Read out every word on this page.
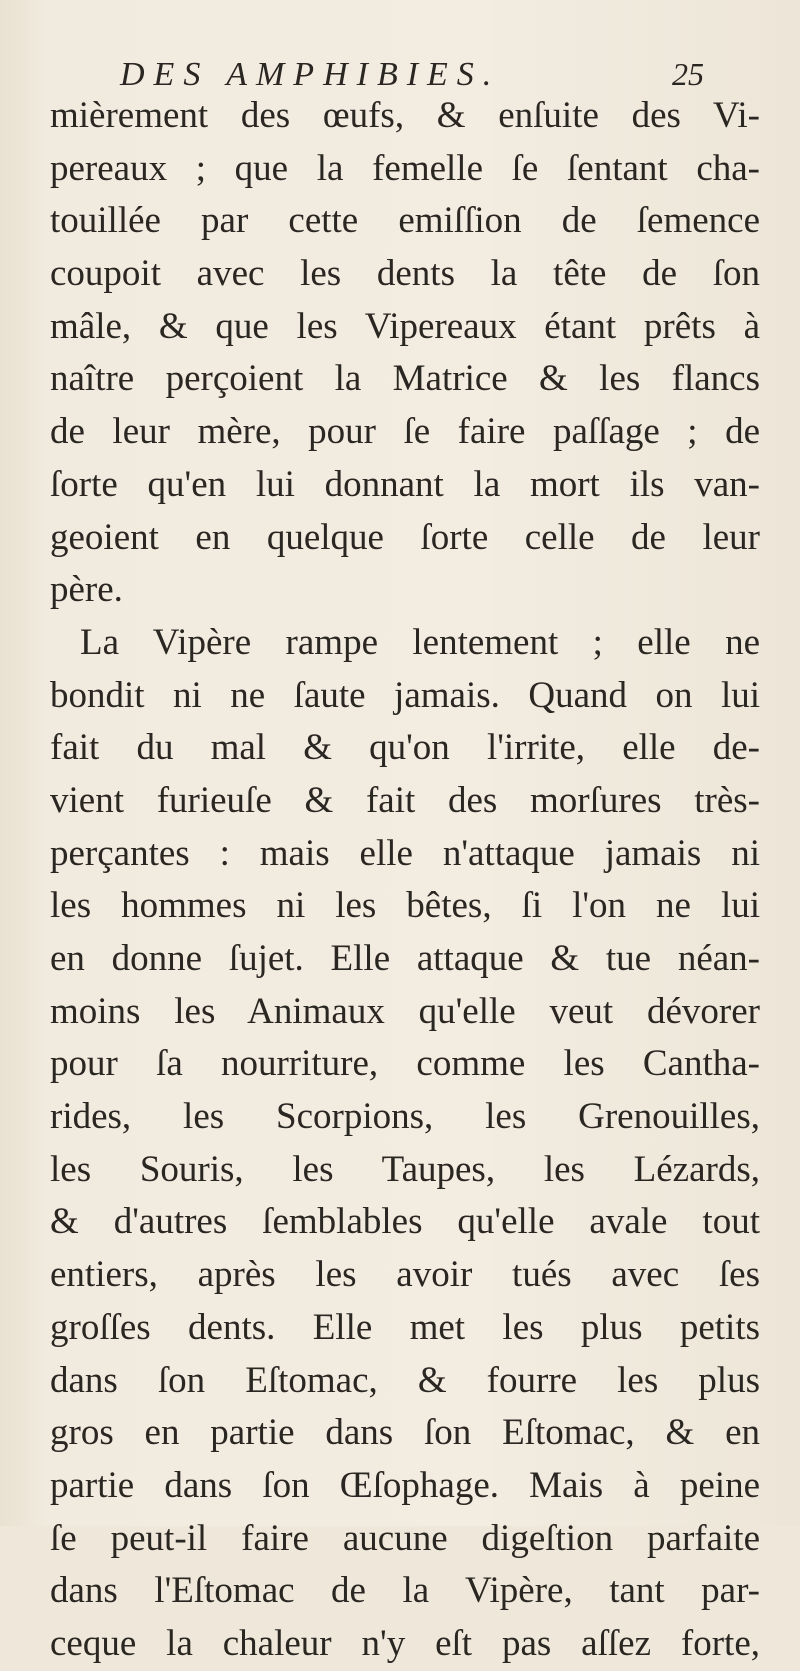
DES AMPHIBIES.	25
mièrement des œufs, & enſuite des Vi-
pereaux ; que la femelle ſe ſentant cha-
touillée par cette emiſſion de ſemence
coupoit avec les dents la tête de ſon
mâle, & que les Vipereaux étant prêts à
naître perçoient la Matrice & les flancs
de leur mère, pour ſe faire paſſage ; de
ſorte qu'en lui donnant la mort ils van-
geoient en quelque ſorte celle de leur
père.
La Vipère rampe lentement ; elle ne
bondit ni ne ſaute jamais. Quand on lui
fait du mal & qu'on l'irrite, elle de-
vient furieuſe & fait des morſures très-
perçantes : mais elle n'attaque jamais ni
les hommes ni les bêtes, ſi l'on ne lui
en donne ſujet. Elle attaque & tue néan-
moins les Animaux qu'elle veut dévorer
pour ſa nourriture, comme les Cantha-
rides, les Scorpions, les Grenouilles,
les Souris, les Taupes, les Lézards,
& d'autres ſemblables qu'elle avale tout
entiers, après les avoir tués avec ſes
groſſes dents. Elle met les plus petits
dans ſon Eſtomac, & fourre les plus
gros en partie dans ſon Eſtomac, & en
partie dans ſon Œſophage. Mais à peine
ſe peut-il faire aucune digeſtion parfaite
dans l'Eſtomac de la Vipère, tant par-
ceque la chaleur n'y eſt pas aſſez forte,
